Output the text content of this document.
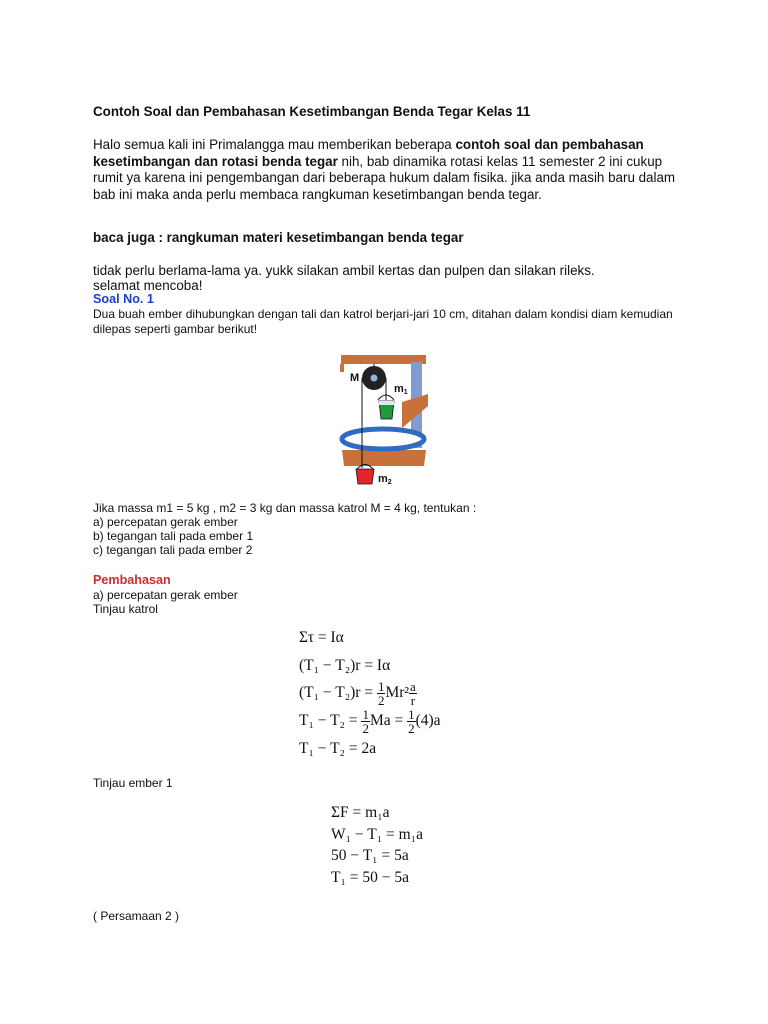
Contoh Soal dan Pembahasan Kesetimbangan Benda Tegar Kelas 11
Halo semua kali ini Primalangga mau memberikan beberapa contoh soal dan pembahasan kesetimbangan dan rotasi benda tegar nih, bab dinamika rotasi kelas 11 semester 2 ini cukup rumit ya karena ini pengembangan dari beberapa hukum dalam fisika. jika anda masih baru dalam bab ini maka anda perlu membaca rangkuman kesetimbangan benda tegar.
baca juga : rangkuman materi kesetimbangan benda tegar
tidak perlu berlama-lama ya. yukk silakan ambil kertas dan pulpen dan silakan rileks.
selamat mencoba!
Soal No. 1
Dua buah ember dihubungkan dengan tali dan katrol berjari-jari 10 cm, ditahan dalam kondisi diam kemudian dilepas seperti gambar berikut!
M
m1
m2
Jika massa m1 = 5 kg , m2 = 3 kg dan massa katrol M = 4 kg, tentukan :
a) percepatan gerak ember
b) tegangan tali pada ember 1
c) tegangan tali pada ember 2
Pembahasan
a) percepatan gerak ember
Tinjau katrol
Στ = Iα
(T₁ − T₂)r = Iα
$(T_1 - T_2)r = \frac{1}{2} Mr^2 \frac{a}{r}$
$T_1 - T_2 = \frac{1}{2}$ $Ma = \frac{1}{2} (4)a$
T₁ − T₂ = 2a
Tinjau ember 1
ΣF = m₁a
W₁ − T₁ = m₁a
50 − T₁ = 5a
T₁ = 50 − 5a
( Persamaan 2 )
